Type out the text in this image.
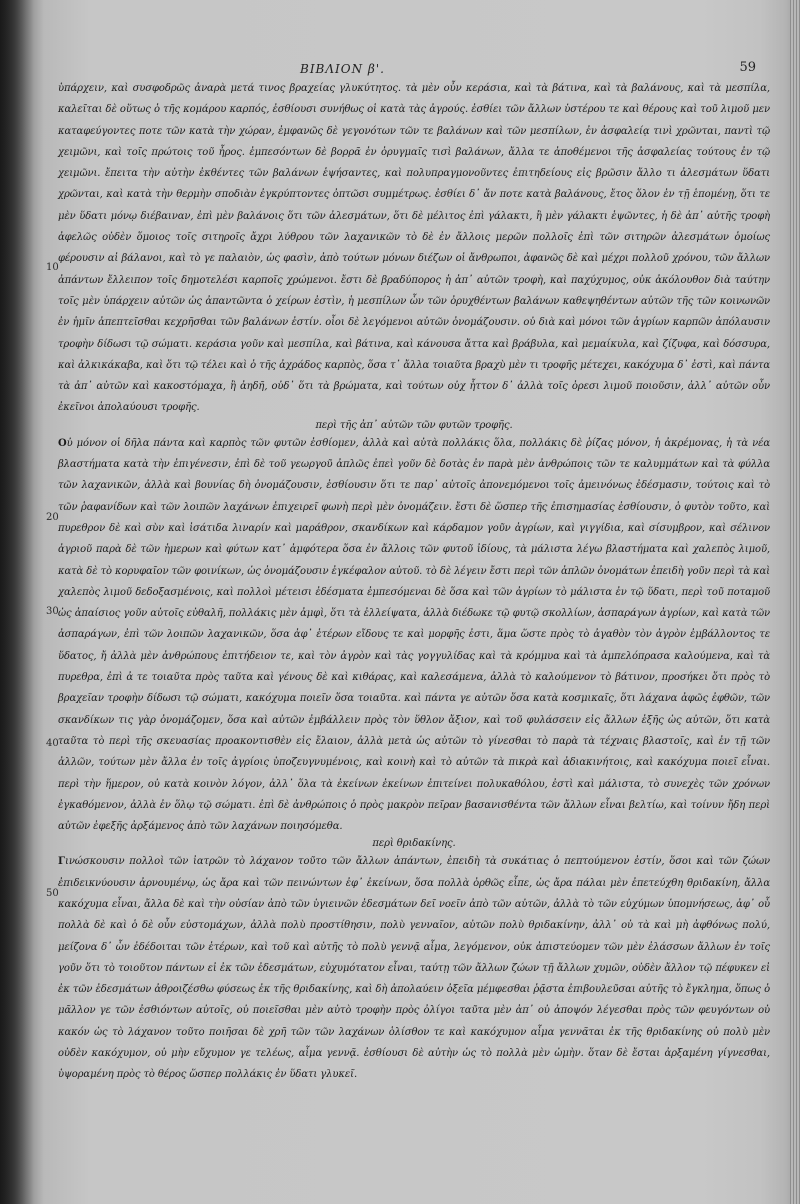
ΒΙΒΛΙΟΝ β'.	59
10
20
30
40
50

ὑπάρχειν, καὶ συσφοδρῶς ἀναρὰ μετά τινος βραχείας γλυκύτητος. τὰ μὲν οὖν κεράσια, καὶ τὰ βάτινα, καὶ τὰ βαλάνους, καὶ τὰ μεσπίλα, καλεῖται δὲ οὕτως ὁ τῆς κομάρου καρπός, ἐσθίουσι συνήθως οἱ κατὰ τὰς ἀγρούς. ἐσθίει τῶν ἄλλων ὑστέρου τε καὶ θέρους καὶ τοῦ λιμοῦ μεν καταφεύγοντες ποτε τῶν κατὰ τὴν χώραν, ἐμφανῶς δὲ γεγονότων τῶν τε βαλάνων καὶ τῶν μεσπίλων, ἐν ἀσφαλείᾳ τινὶ χρῶνται, παντὶ τῷ χειμῶνι, καὶ τοῖς πρώτοις τοῦ ἦρος. ἐμπεσόντων δὲ βορρᾶ ἐν ὀρυγμαῖς τισὶ βαλάνων, ἄλλα τε ἀποθέμενοι τῆς ἀσφαλείας τούτους ἐν τῷ χειμῶνι. ἔπειτα τὴν αὐτὴν ἐκθέντες τῶν βαλάνων ἑψήσαντες, καὶ πολυπραγμονοῦντες ἐπιτηδείους εἰς βρῶσιν ἄλλο τι ἀλεσμάτων ὕδατι χρῶνται, καὶ κατὰ τὴν θερμὴν σποδιὰν ἐγκρύπτοντες ὀπτῶσι συμμέτρως. ἐσθίει δ᾽ ἄν ποτε κατὰ βαλάνους, ἔτος ὅλον ἐν τῇ ἑπομένῃ, ὅτι τε μὲν ὕδατι μόνῳ διέβαιναν, ἐπὶ μὲν βαλάνοις ὅτι τῶν ἀλεσμάτων, ὅτι δὲ μέλιτος ἐπὶ γάλακτι, ἢ μὲν γάλακτι ἑψῶντες, ἡ δὲ ἀπ᾽ αὐτῆς τροφὴ ἀφελῶς οὐδὲν ὅμοιος τοῖς σιτηροῖς ἄχρι λύθρου τῶν λαχανικῶν τὸ δὲ ἐν ἄλλοις μερῶν πολλοῖς ἐπὶ τῶν σιτηρῶν ἀλεσμάτων ὁμοίως φέρουσιν αἱ βάλανοι, καὶ τὸ γε παλαιὸν, ὡς φασὶν, ἀπὸ τούτων μόνων διέζων οἱ ἄνθρωποι, ἀφανῶς δὲ καὶ μέχρι πολλοῦ χρόνου, τῶν ἄλλων ἀπάντων ἔλλειπον τοῖς δημοτελέσι καρποῖς χρώμενοι. ἔστι δὲ βραδύπορος ἡ ἀπ᾽ αὐτῶν τροφὴ, καὶ παχύχυμος, οὐκ ἀκόλουθον διὰ ταύτην τοῖς μὲν ὑπάρχειν αὐτῶν ὡς ἀπαντῶντα ὁ χείρων ἐστὶν, ἡ μεσπίλων ὧν τῶν ὀρυχθέντων βαλάνων καθεψηθέντων αὐτῶν τῆς τῶν κοινωνῶν ἐν ἡμῖν ἀπεπτεῖσθαι κεχρῆσθαι τῶν βαλάνων ἐστίν. οἷοι δὲ λεγόμενοι αὐτῶν ὀνομάζουσιν. οὐ διὰ καὶ μόνοι τῶν ἀγρίων καρπῶν ἀπόλαυσιν τροφὴν δίδωσι τῷ σώματι. κεράσια γοῦν καὶ μεσπίλα, καὶ βάτινα, καὶ κάνουσα ἄττα καὶ βράβυλα, καὶ μεμαίκυλα, καὶ ζίζυφα, καὶ δόσσυρα, καὶ ἀλκικάκαβα, καὶ ὅτι τῷ τέλει καὶ ὁ τῆς ἀχράδος καρπὸς, ὅσα τ᾽ ἄλλα τοιαῦτα βραχὺ μὲν τι τροφῆς μέτεχει, κακόχυμα δ᾽ ἐστὶ, καὶ πάντα τὰ ἀπ᾽ αὐτῶν καὶ κακοστόμαχα, ἢ ἀηδῆ, οὐδ᾽ ὅτι τὰ βρώματα, καὶ τούτων οὐχ ἧττον δ᾽ ἀλλὰ τοῖς ὀρεσι λιμοῦ ποιοῦσιν, ἀλλ᾽ αὐτῶν οὖν ἐκεῖνοι ἀπολαύουσι τροφῆς.

περὶ τῆς ἀπ᾽ αὐτῶν τῶν φυτῶν τροφῆς.

Οὐ μόνον οἱ δῆλα πάντα καὶ καρπὸς τῶν φυτῶν ἐσθίομεν, ἀλλὰ καὶ αὐτὰ πολλάκις ὅλα, πολλάκις δὲ ῥίζας μόνον, ἡ ἀκρέμονας, ἡ τὰ νέα βλαστήματα κατὰ τὴν ἐπιγένεσιν, ἐπὶ δὲ τοῦ γεωργοῦ ἀπλῶς ἐπεὶ γοῦν δὲ δοτὰς ἐν παρὰ μὲν ἀνθρώποις τῶν τε καλυμμάτων καὶ τὰ φύλλα τῶν λαχανικῶν, ἀλλὰ καὶ βουνίας δὴ ὀνομάζουσιν, ἐσθίουσιν ὅτι τε παρ᾽ αὐτοῖς ἀπονεμόμενοι τοῖς ἀμεινόνως ἐδέσμασιν, τούτοις καὶ τὸ τῶν ῥαφανίδων καὶ τῶν λοιπῶν λαχάνων ἐπιχειρεῖ φωνὴ περὶ μὲν ὀνομάζειν. ἔστι δὲ ὥσπερ τῆς ἐπισημασίας ἐσθίουσιν, ὁ φυτὸν τοῦτο, καὶ πυρεθρον δὲ καὶ σὺν καὶ ἰσάτιδα λιναρίν καὶ μαράθρον, σκανδίκων καὶ κάρδαμον γοῦν ἀγρίων, καὶ γιγγίδια, καὶ σίσυμβρον, καὶ σέλινον ἀγριοῦ παρὰ δὲ τῶν ἡμερων καὶ φύτων κατ᾽ ἀμφότερα ὅσα ἐν ἄλλοις τῶν φυτοῦ ἰδίους, τὰ μάλιστα λέγω βλαστήματα καὶ χαλεπὸς λιμοῦ, κατὰ δὲ τὸ κορυφαῖον τῶν φοινίκων, ὡς ὀνομάζουσιν ἐγκέφαλον αὐτοῦ. τὸ δὲ λέγειν ἔστι περὶ τῶν ἁπλῶν ὀνομάτων ἐπειδὴ γοῦν περὶ τὰ καὶ χαλεπὸς λιμοῦ δεδοξασμένοις, καὶ πολλοὶ μέτεισι ἐδέσματα ἐμπεσόμεναι δὲ ὅσα καὶ τῶν ἀγρίων τὸ μάλιστα ἐν τῷ ὕδατι, περὶ τοῦ ποταμοῦ ὡς ἀπαίσιος γοῦν αὐτοῖς εὐθαλῆ, πολλάκις μὲν ἀμφὶ, ὅτι τὰ ἐλλείψατα, ἀλλὰ διέδωκε τῷ φυτῷ σκολλίων, ἀσπαράγων ἀγρίων, καὶ κατὰ τῶν ἀσπαράγων, ἐπὶ τῶν λοιπῶν λαχανικῶν, ὅσα ἀφ᾽ ἑτέρων εἴδους τε καὶ μορφῆς ἐστι, ἅμα ὥστε πρὸς τὸ ἀγαθὸν τὸν ἀγρὸν ἐμβάλλοντος τε ὕδατος, ἤ ἀλλὰ μὲν ἀνθρώπους ἐπιτήδειον τε, καὶ τὸν ἀγρὸν καὶ τὰς γογγυλίδας καὶ τὰ κρόμμυα καὶ τὰ ἀμπελόπρασα καλούμενα, καὶ τὰ πυρεθρα, ἐπὶ ἀ τε τοιαῦτα πρὸς ταῦτα καὶ γένους δὲ καὶ κιθάρας, καὶ καλεσάμενα, ἀλλὰ τὸ καλούμενον τὸ βάτινον, προσήκει ὅτι πρὸς τὸ βραχεῖαν τροφὴν δίδωσι τῷ σώματι, κακόχυμα ποιεῖν ὅσα τοιαῦτα. καὶ πάντα γε αὐτῶν ὅσα κατὰ κοσμικαῖς, ὅτι λάχανα ἀφῶς ἐφθῶν, τῶν σκανδίκων τις γὰρ ὀνομάζομεν, ὅσα καὶ αὐτῶν ἐμβάλλειν πρὸς τὸν ὕθλον ἄξιον, καὶ τοῦ φυλάσσειν εἰς ἄλλων ἑξῆς ὡς αὐτῶν, ὅτι κατὰ ταῦτα τὸ περὶ τῆς σκευασίας προακοντισθὲν εἰς ἔλαιον, ἀλλὰ μετὰ ὡς αὐτῶν τὸ γίνεσθαι τὸ παρὰ τὰ τέχναις βλαστοῖς, καὶ ἐν τῇ τῶν ἀλλῶν, τούτων μὲν ἄλλα ἐν τοῖς ἀγρίοις ὑποζευγνυμένοις, καὶ κοινὴ καὶ τὸ αὐτῶν τὰ πικρὰ καὶ ἀδιακινήτοις, καὶ κακόχυμα ποιεῖ εἶναι. περὶ τὴν ἥμερον, οὐ κατὰ κοινὸν λόγον, ἀλλ᾽ ὅλα τὰ ἐκείνων ἐκείνων ἐπιτείνει πολυκαθόλου, ἐστὶ καὶ μάλιστα, τὸ συνεχὲς τῶν χρόνων ἐγκαθόμενον, ἀλλὰ ἐν ὅλῳ τῷ σώματι. ἐπὶ δὲ ἀνθρώποις ὁ πρὸς μακρὸν πεῖραν βασανισθέντα τῶν ἄλλων εἶναι βελτίω, καὶ τοίνυν ἤδη περὶ αὐτῶν ἐφεξῆς ἀρξάμενος ἀπὸ τῶν λαχάνων ποιησόμεθα.

περὶ θριδακίνης.

Γινώσκουσιν πολλοὶ τῶν ἰατρῶν τὸ λάχανον τοῦτο τῶν ἄλλων ἁπάντων, ἐπειδὴ τὰ συκάτιας ὁ πεπτούμενον ἐστίν, ὅσοι καὶ τῶν ζώων ἐπιδεικνύουσιν ἀρνουμένῳ, ὡς ἄρα καὶ τῶν πεινώντων ἐφ᾽ ἐκείνων, ὅσα πολλὰ ὀρθῶς εἶπε, ὡς ἄρα πάλαι μὲν ἐπετεύχθη θριδακίνη, ἄλλα κακόχυμα εἶναι, ἄλλα δὲ καὶ τὴν οὐσίαν ἀπὸ τῶν ὑγιεινῶν ἐδεσμάτων δεῖ νοεῖν ἀπὸ τῶν αὐτῶν, ἀλλὰ τὸ τῶν εὐχύμων ὑπομνήσεως, ἀφ᾽ οὗ πολλὰ δὲ καὶ ὁ δὲ οὖν εὐστομάχων, ἀλλὰ πολὺ προστίθησιν, πολὺ γενναῖον, αὐτῶν πολὺ θριδακίνην, ἀλλ᾽ οὐ τὰ καὶ μὴ ἀφθόνως πολύ, μείζονα δ᾽ ὧν ἐδέδοιται τῶν ἑτέρων, καὶ τοῦ καὶ αὐτῆς τὸ πολὺ γεννᾷ αἷμα, λεγόμενον, οὐκ ἀπιστεύομεν τῶν μὲν ἐλάσσων ἄλλων ἐν τοῖς γοῦν ὅτι τὸ τοιοῦτον πάντων εἰ ἐκ τῶν ἐδεσμάτων, εὐχυμότατον εἶναι, ταύτῃ τῶν ἄλλων ζώων τῇ ἄλλων χυμῶν, οὐδὲν ἄλλον τῷ πέφυκεν εἰ ἐκ τῶν ἐδεσμάτων ἀθροιζέσθω φύσεως ἐκ τῆς θριδακίνης, καὶ δὴ ἀπολαύειν ὀξεῖα μέμφεσθαι ῥᾷστα ἐπιβουλεῦσαι αὐτῆς τὸ ἔγκλημα, ὅπως ὁ μᾶλλον γε τῶν ἐσθιόντων αὐτοῖς, οὐ ποιεῖσθαι μὲν αὐτὸ τροφὴν πρὸς ὀλίγοι ταῦτα μὲν ἀπ᾽ οὐ ἀποψόν λέγεσθαι πρὸς τῶν φευγόντων οὐ κακόν ὡς τὸ λάχανον τοῦτο ποιῆσαι δὲ χρῆ τῶν τῶν λαχάνων ὁλίσθον τε καὶ κακόχυμον αἷμα γεννᾶται ἐκ τῆς θριδακίνης οὐ πολὺ μὲν οὐδὲν κακόχυμον, οὐ μὴν εὔχυμον γε τελέως, αἷμα γεννᾷ. ἐσθίουσι δὲ αὐτὴν ὡς τὸ πολλὰ μὲν ὠμὴν. ὅταν δὲ ἔσται ἀρξαμένη γίγνεσθαι, ὑψοραμένη πρὸς τὸ θέρος ὥσπερ πολλάκις ἐν ὕδατι γλυκεῖ.
